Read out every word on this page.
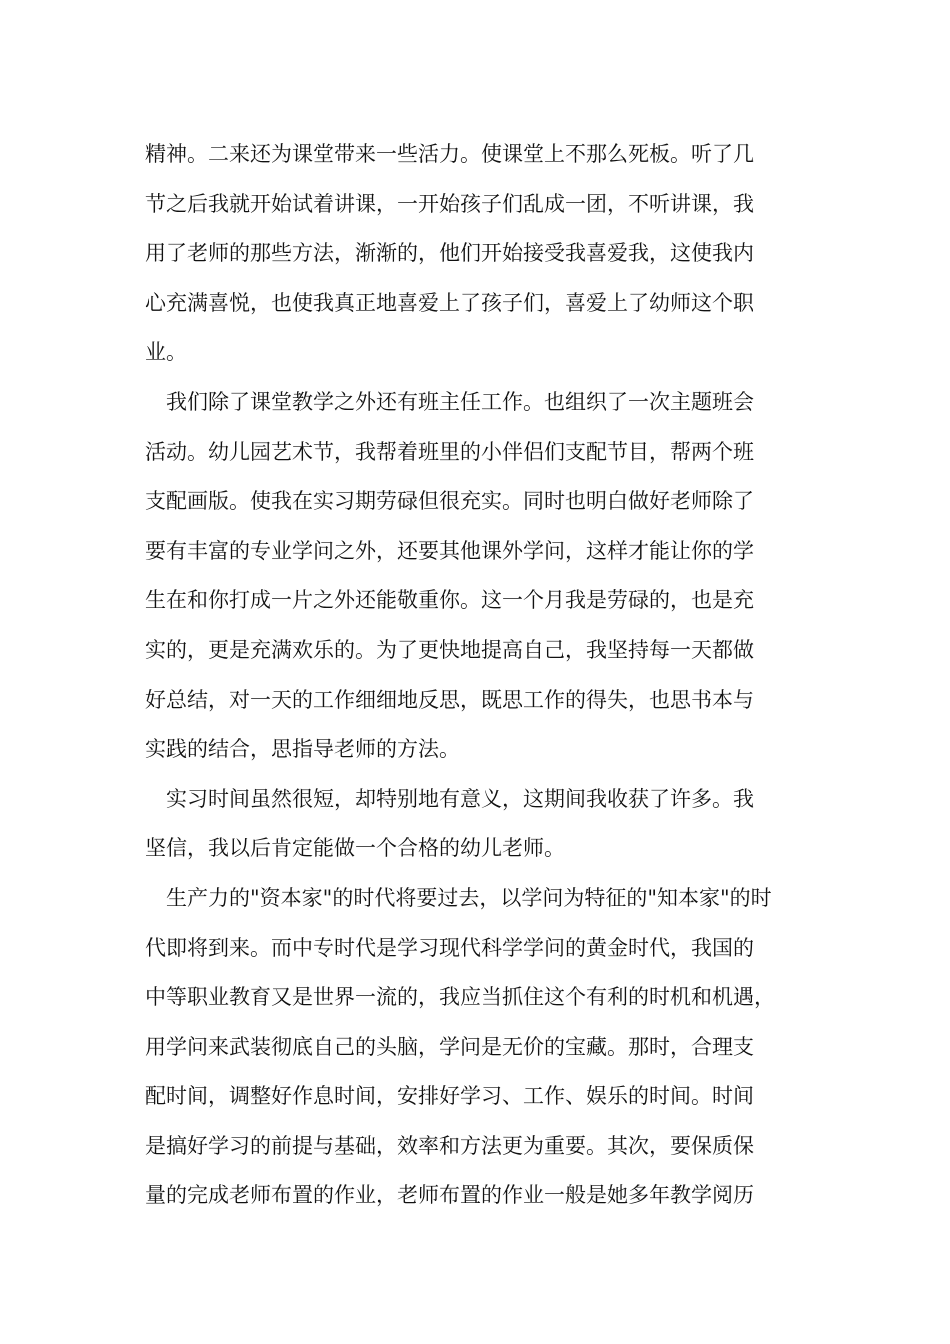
精神。二来还为课堂带来一些活力。使课堂上不那么死板。听了几
节之后我就开始试着讲课，一开始孩子们乱成一团，不听讲课，我
用了老师的那些方法，渐渐的，他们开始接受我喜爱我，这使我内
心充满喜悦，也使我真正地喜爱上了孩子们，喜爱上了幼师这个职
业。
我们除了课堂教学之外还有班主任工作。也组织了一次主题班会
活动。幼儿园艺术节，我帮着班里的小伴侣们支配节目，帮两个班
支配画版。使我在实习期劳碌但很充实。同时也明白做好老师除了
要有丰富的专业学问之外，还要其他课外学问，这样才能让你的学
生在和你打成一片之外还能敬重你。这一个月我是劳碌的，也是充
实的，更是充满欢乐的。为了更快地提高自己，我坚持每一天都做
好总结，对一天的工作细细地反思，既思工作的得失，也思书本与
实践的结合，思指导老师的方法。
实习时间虽然很短，却特别地有意义，这期间我收获了许多。我
坚信，我以后肯定能做一个合格的幼儿老师。
生产力的"资本家"的时代将要过去，以学问为特征的"知本家"的时
代即将到来。而中专时代是学习现代科学学问的黄金时代，我国的
中等职业教育又是世界一流的，我应当抓住这个有利的时机和机遇，
用学问来武装彻底自己的头脑，学问是无价的宝藏。那时，合理支
配时间，调整好作息时间，安排好学习、工作、娱乐的时间。时间
是搞好学习的前提与基础，效率和方法更为重要。其次，要保质保
量的完成老师布置的作业，老师布置的作业一般是她多年教学阅历
